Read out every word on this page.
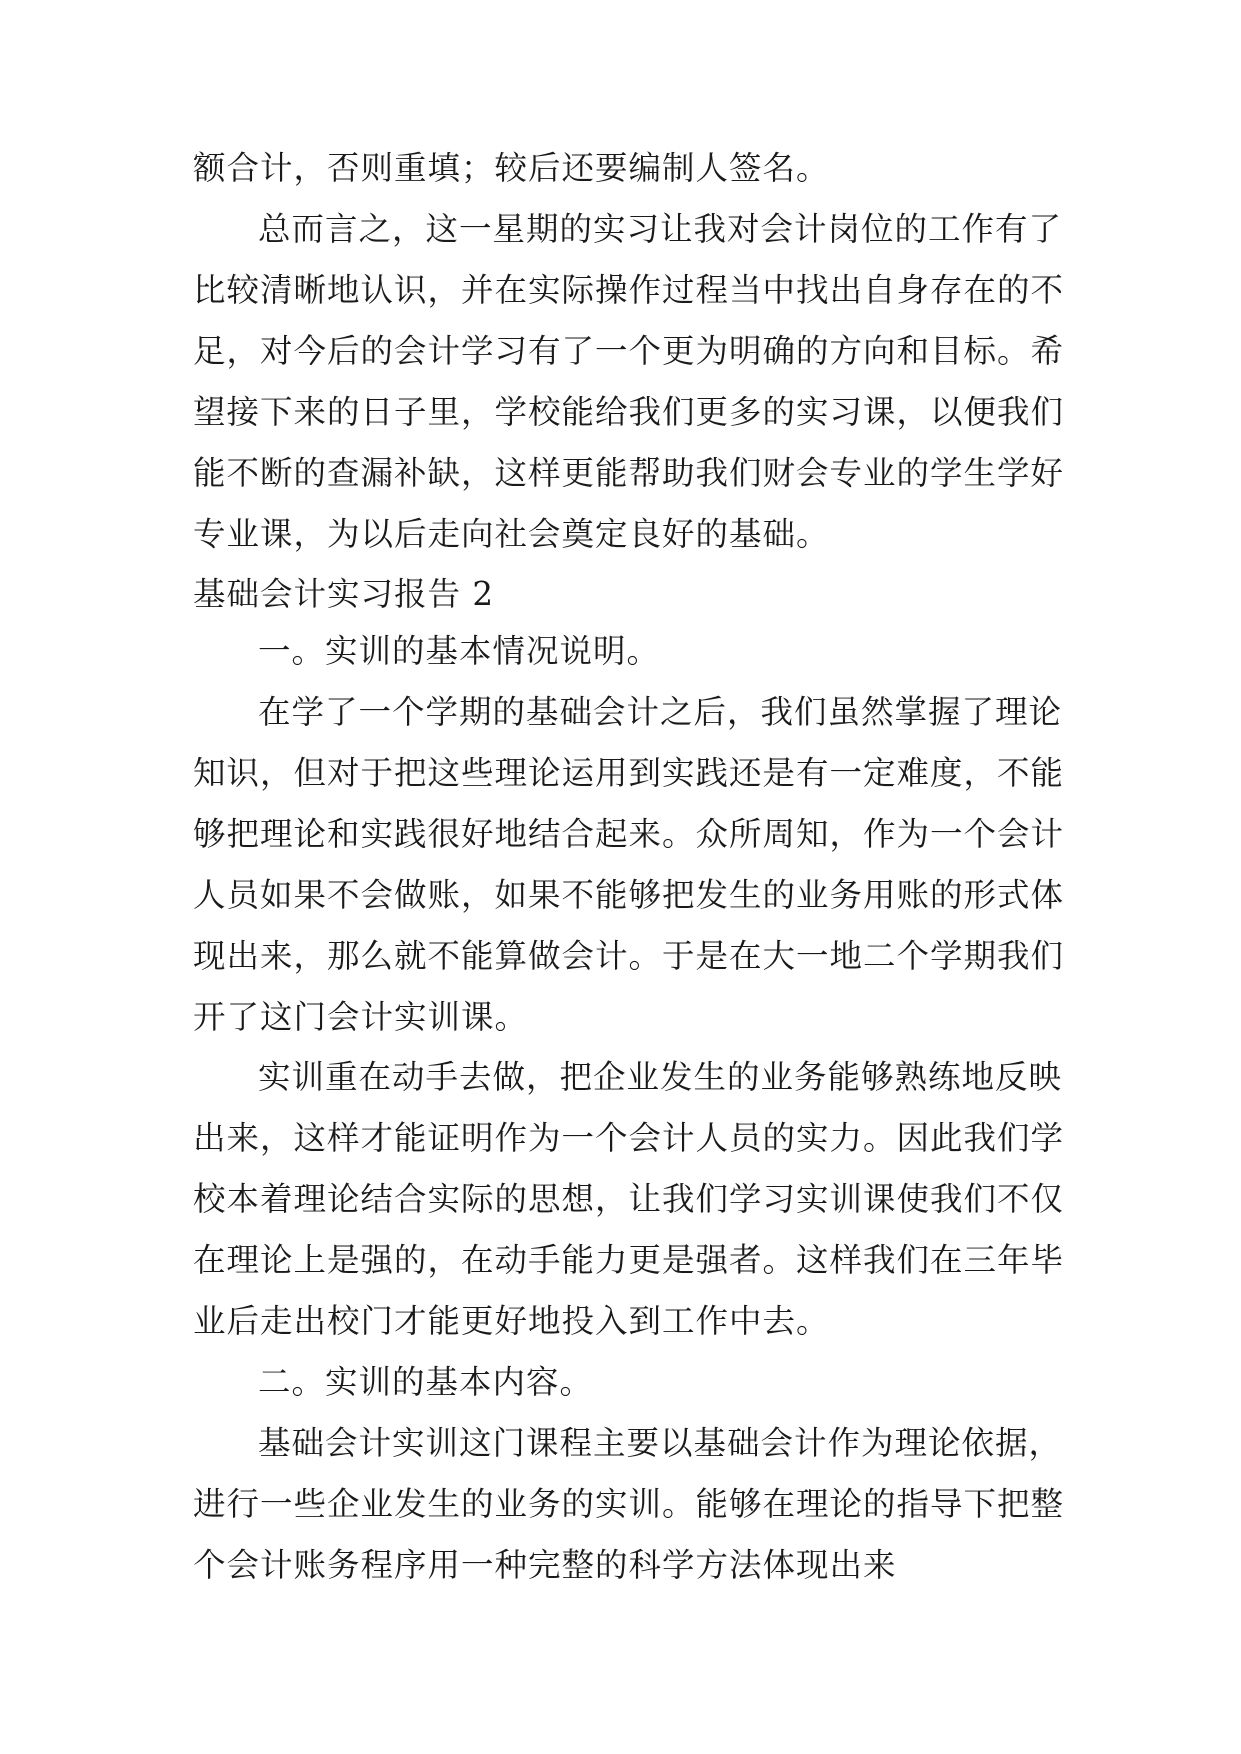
额合计，否则重填；较后还要编制人签名。
总而言之，这一星期的实习让我对会计岗位的工作有了
比较清晰地认识，并在实际操作过程当中找出自身存在的不
足，对今后的会计学习有了一个更为明确的方向和目标。希
望接下来的日子里，学校能给我们更多的实习课，以便我们
能不断的查漏补缺，这样更能帮助我们财会专业的学生学好
专业课，为以后走向社会奠定良好的基础。
基础会计实习报告 2
一。实训的基本情况说明。
在学了一个学期的基础会计之后，我们虽然掌握了理论
知识，但对于把这些理论运用到实践还是有一定难度，不能
够把理论和实践很好地结合起来。众所周知，作为一个会计
人员如果不会做账，如果不能够把发生的业务用账的形式体
现出来，那么就不能算做会计。于是在大一地二个学期我们
开了这门会计实训课。
实训重在动手去做，把企业发生的业务能够熟练地反映
出来，这样才能证明作为一个会计人员的实力。因此我们学
校本着理论结合实际的思想，让我们学习实训课使我们不仅
在理论上是强的，在动手能力更是强者。这样我们在三年毕
业后走出校门才能更好地投入到工作中去。
二。实训的基本内容。
基础会计实训这门课程主要以基础会计作为理论依据，
进行一些企业发生的业务的实训。能够在理论的指导下把整
个会计账务程序用一种完整的科学方法体现出来
